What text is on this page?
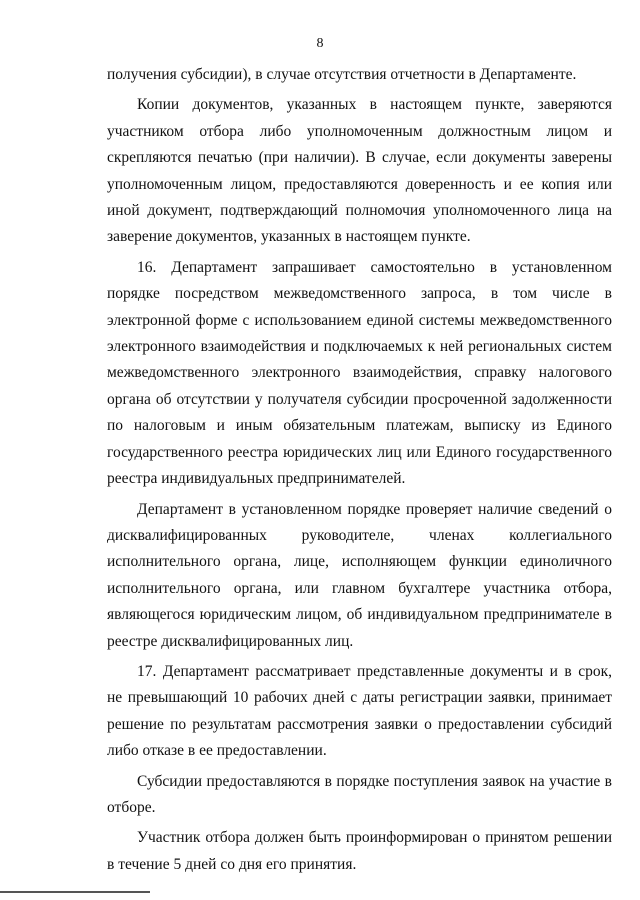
8

получения субсидии), в случае отсутствия отчетности в Департаменте.

Копии документов, указанных в настоящем пункте, заверяются участником отбора либо уполномоченным должностным лицом и скрепляются печатью (при наличии). В случае, если документы заверены уполномоченным лицом, предоставляются доверенность и ее копия или иной документ, подтверждающий полномочия уполномоченного лица на заверение документов, указанных в настоящем пункте.

16. Департамент запрашивает самостоятельно в установленном порядке посредством межведомственного запроса, в том числе в электронной форме с использованием единой системы межведомственного электронного взаимодействия и подключаемых к ней региональных систем межведомственного электронного взаимодействия, справку налогового органа об отсутствии у получателя субсидии просроченной задолженности по налоговым и иным обязательным платежам, выписку из Единого государственного реестра юридических лиц или Единого государственного реестра индивидуальных предпринимателей.

Департамент в установленном порядке проверяет наличие сведений о дисквалифицированных руководителе, членах коллегиального исполнительного органа, лице, исполняющем функции единоличного исполнительного органа, или главном бухгалтере участника отбора, являющегося юридическим лицом, об индивидуальном предпринимателе в реестре дисквалифицированных лиц.

17. Департамент рассматривает представленные документы и в срок, не превышающий 10 рабочих дней с даты регистрации заявки, принимает решение по результатам рассмотрения заявки о предоставлении субсидий либо отказе в ее предоставлении.

Субсидии предоставляются в порядке поступления заявок на участие в отборе.

Участник отбора должен быть проинформирован о принятом решении в течение 5 дней со дня его принятия.
